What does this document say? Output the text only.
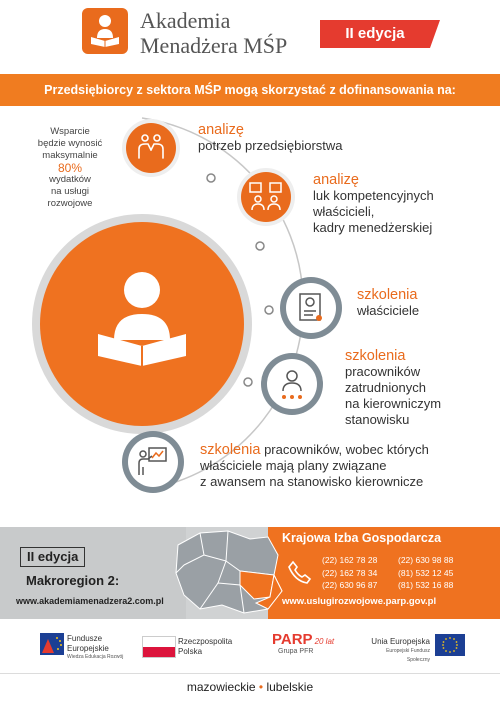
Akademia
Menadżera MŚP	II edycja
Przedsiębiorcy z sektora MŚP mogą skorzystać z dofinansowania na:
Wsparcie
będzie wynosić
maksymalnie
80%
wydatków
na usługi
rozwojowe
analizę
potrzeb przedsiębiorstwa
analizę
luk kompetencyjnych
właścicieli,
kadry menedżerskiej
szkolenia
właściciele
szkolenia
pracowników
zatrudnionych
na kierowniczym
stanowisku
szkolenia pracowników, wobec których
właściciele mają plany związane
z awansem na stanowisko kierownicze
II edycja
Makroregion 2:
www.akademiamenadzera2.com.pl
Krajowa Izba Gospodarcza
(22) 162 78 28 (22) 630 98 88
(22) 162 78 34 (81) 532 12 45
(22) 630 96 87 (81) 532 16 88
www.uslugirozwojowe.parp.gov.pl
Fundusze
Europejskie
Wiedza Edukacja Rozwój
Rzeczpospolita
Polska
PARP 20 lat
Grupa PFR
Unia Europejska
Europejski Fundusz Społeczny
mazowieckie • lubelskie
